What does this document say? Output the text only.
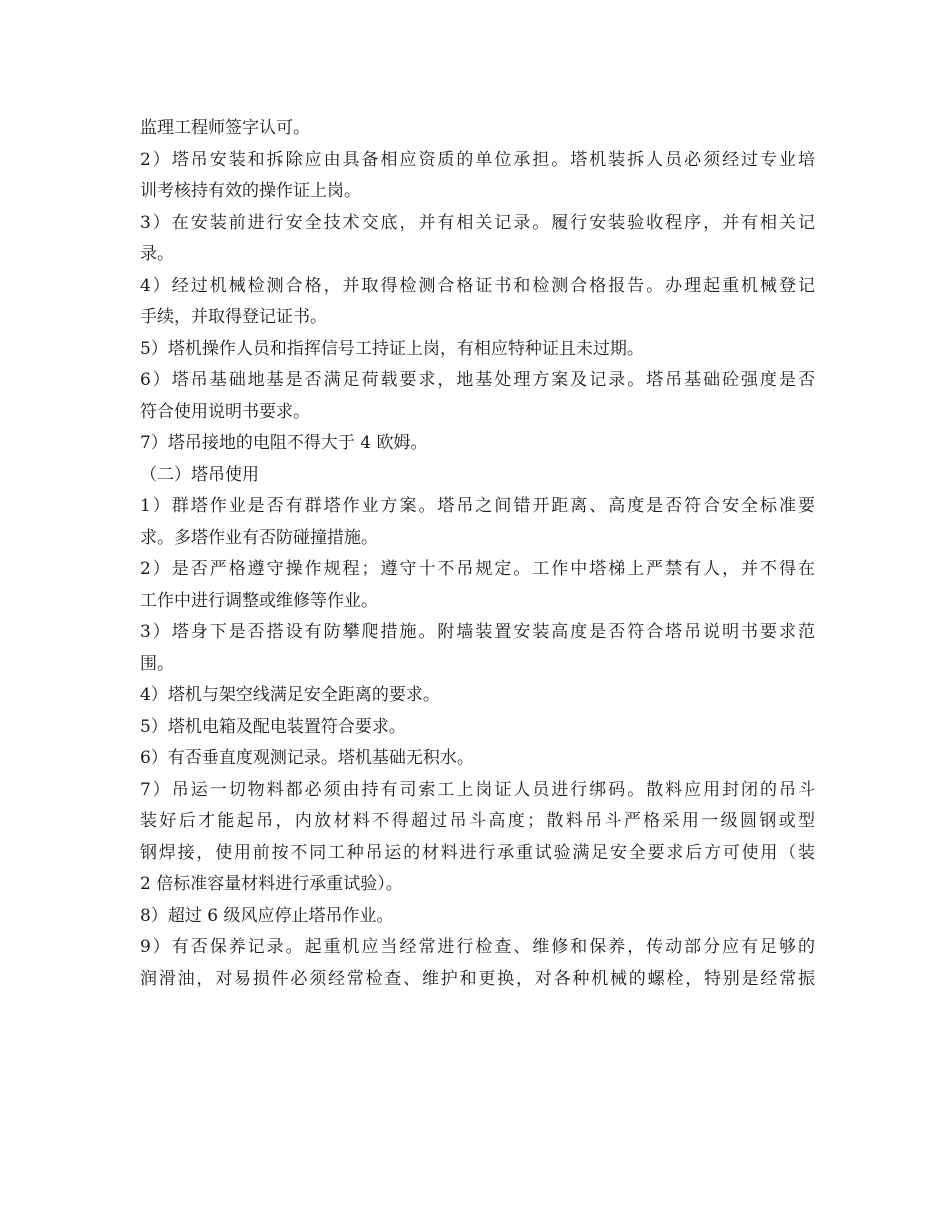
监理工程师签字认可。
2）塔吊安装和拆除应由具备相应资质的单位承担。塔机装拆人员必须经过专业培
训考核持有效的操作证上岗。
3）在安装前进行安全技术交底，并有相关记录。履行安装验收程序，并有相关记
录。
4）经过机械检测合格，并取得检测合格证书和检测合格报告。办理起重机械登记
手续，并取得登记证书。
5）塔机操作人员和指挥信号工持证上岗，有相应特种证且未过期。
6）塔吊基础地基是否满足荷载要求，地基处理方案及记录。塔吊基础砼强度是否
符合使用说明书要求。
7）塔吊接地的电阻不得大于 4 欧姆。
（二）塔吊使用
1）群塔作业是否有群塔作业方案。塔吊之间错开距离、高度是否符合安全标准要
求。多塔作业有否防碰撞措施。
2）是否严格遵守操作规程；遵守十不吊规定。工作中塔梯上严禁有人，并不得在
工作中进行调整或维修等作业。
3）塔身下是否搭设有防攀爬措施。附墙装置安装高度是否符合塔吊说明书要求范
围。
4）塔机与架空线满足安全距离的要求。
5）塔机电箱及配电装置符合要求。
6）有否垂直度观测记录。塔机基础无积水。
7）吊运一切物料都必须由持有司索工上岗证人员进行绑码。散料应用封闭的吊斗
装好后才能起吊，内放材料不得超过吊斗高度；散料吊斗严格采用一级圆钢或型
钢焊接，使用前按不同工种吊运的材料进行承重试验满足安全要求后方可使用（装
2 倍标准容量材料进行承重试验）。
8）超过 6 级风应停止塔吊作业。
9）有否保养记录。起重机应当经常进行检查、维修和保养，传动部分应有足够的
润滑油，对易损件必须经常检查、维护和更换，对各种机械的螺栓，特别是经常振
